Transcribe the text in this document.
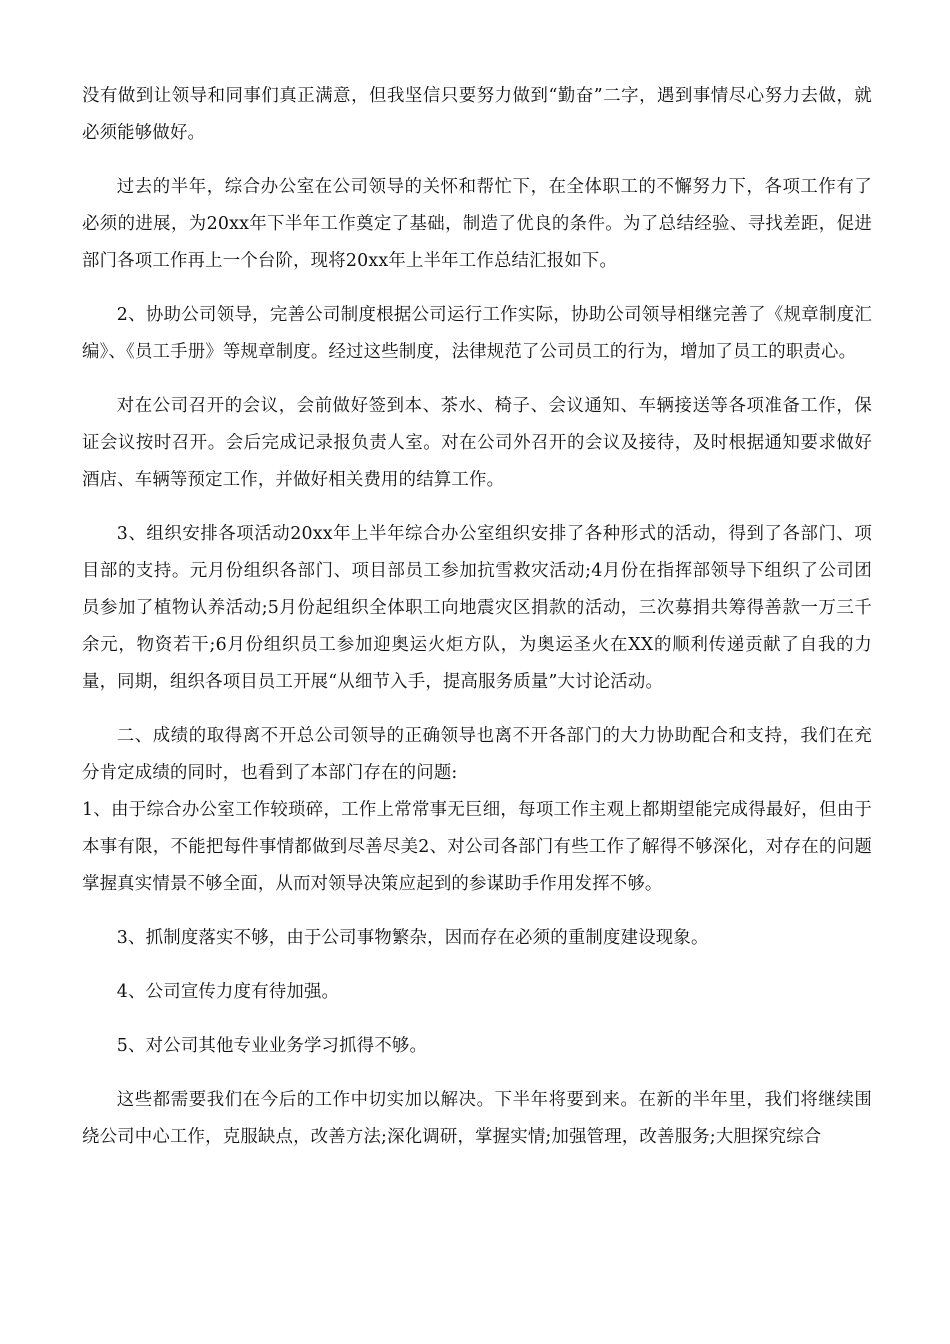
没有做到让领导和同事们真正满意，但我坚信只要努力做到“勤奋”二字，遇到事情尽心努力去做，就必须能够做好。

过去的半年，综合办公室在公司领导的关怀和帮忙下，在全体职工的不懈努力下，各项工作有了必须的进展，为20xx年下半年工作奠定了基础，制造了优良的条件。为了总结经验、寻找差距，促进部门各项工作再上一个台阶，现将20xx年上半年工作总结汇报如下。

2、协助公司领导，完善公司制度根据公司运行工作实际，协助公司领导相继完善了《规章制度汇编》、《员工手册》等规章制度。经过这些制度，法律规范了公司员工的行为，增加了员工的职责心。

对在公司召开的会议，会前做好签到本、茶水、椅子、会议通知、车辆接送等各项准备工作，保证会议按时召开。会后完成记录报负责人室。对在公司外召开的会议及接待，及时根据通知要求做好酒店、车辆等预定工作，并做好相关费用的结算工作。

3、组织安排各项活动20xx年上半年综合办公室组织安排了各种形式的活动，得到了各部门、项目部的支持。元月份组织各部门、项目部员工参加抗雪救灾活动;4月份在指挥部领导下组织了公司团员参加了植物认养活动;5月份起组织全体职工向地震灾区捐款的活动，三次募捐共筹得善款一万三千余元，物资若干;6月份组织员工参加迎奥运火炬方队，为奥运圣火在XX的顺利传递贡献了自我的力量，同期，组织各项目员工开展“从细节入手，提高服务质量”大讨论活动。

二、成绩的取得离不开总公司领导的正确领导也离不开各部门的大力协助配合和支持，我们在充分肯定成绩的同时，也看到了本部门存在的问题:

1、由于综合办公室工作较琐碎，工作上常常事无巨细，每项工作主观上都期望能完成得最好，但由于本事有限，不能把每件事情都做到尽善尽美2、对公司各部门有些工作了解得不够深化，对存在的问题掌握真实情景不够全面，从而对领导决策应起到的参谋助手作用发挥不够。

3、抓制度落实不够，由于公司事物繁杂，因而存在必须的重制度建设现象。

4、公司宣传力度有待加强。

5、对公司其他专业业务学习抓得不够。

这些都需要我们在今后的工作中切实加以解决。下半年将要到来。在新的半年里，我们将继续围绕公司中心工作，克服缺点，改善方法;深化调研，掌握实情;加强管理，改善服务;大胆探究综合
